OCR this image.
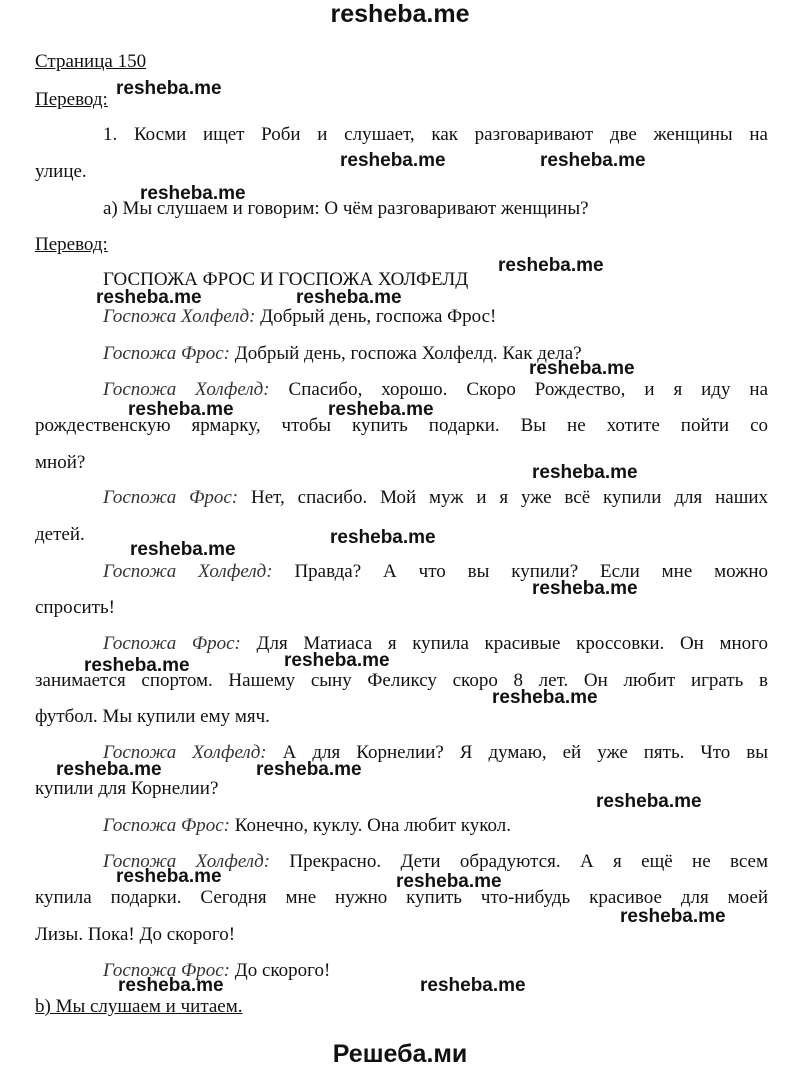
resheba.me
Страница 150
Перевод:
1. Косми ищет Роби и слушает, как разговаривают две женщины на
улице.
а) Мы слушаем и говорим: О чём разговаривают женщины?
Перевод:
ГОСПОЖА ФРОС И ГОСПОЖА ХОЛФЕЛД
Госпожа Холфелд: Добрый день, госпожа Фрос!
Госпожа Фрос: Добрый день, госпожа Холфелд. Как дела?
Госпожа Холфелд: Спасибо, хорошо. Скоро Рождество, и я иду на
рождественскую ярмарку, чтобы купить подарки. Вы не хотите пойти со
мной?
Госпожа Фрос: Нет, спасибо. Мой муж и я уже всё купили для наших
детей.
Госпожа Холфелд: Правда? А что вы купили? Если мне можно
спросить!
Госпожа Фрос: Для Матиаса я купила красивые кроссовки. Он много
занимается спортом. Нашему сыну Феликсу скоро 8 лет. Он любит играть в
футбол. Мы купили ему мяч.
Госпожа Холфелд: А для Корнелии? Я думаю, ей уже пять. Что вы
купили для Корнелии?
Госпожа Фрос: Конечно, куклу. Она любит кукол.
Госпожа Холфелд: Прекрасно. Дети обрадуются. А я ещё не всем
купила подарки. Сегодня мне нужно купить что-нибудь красивое для моей
Лизы. Пока! До скорого!
Госпожа Фрос: До скорого!
b) Мы слушаем и читаем.
resheba.me
resheba.me	resheba.me
resheba.me
resheba.me
resheba.me	resheba.me
resheba.me
resheba.me	resheba.me
resheba.me
resheba.me
resheba.me
resheba.me
resheba.me	resheba.me
resheba.me
resheba.me	resheba.me
resheba.me
resheba.me	resheba.me
resheba.me
resheba.me	resheba.me
Решеба.ми
